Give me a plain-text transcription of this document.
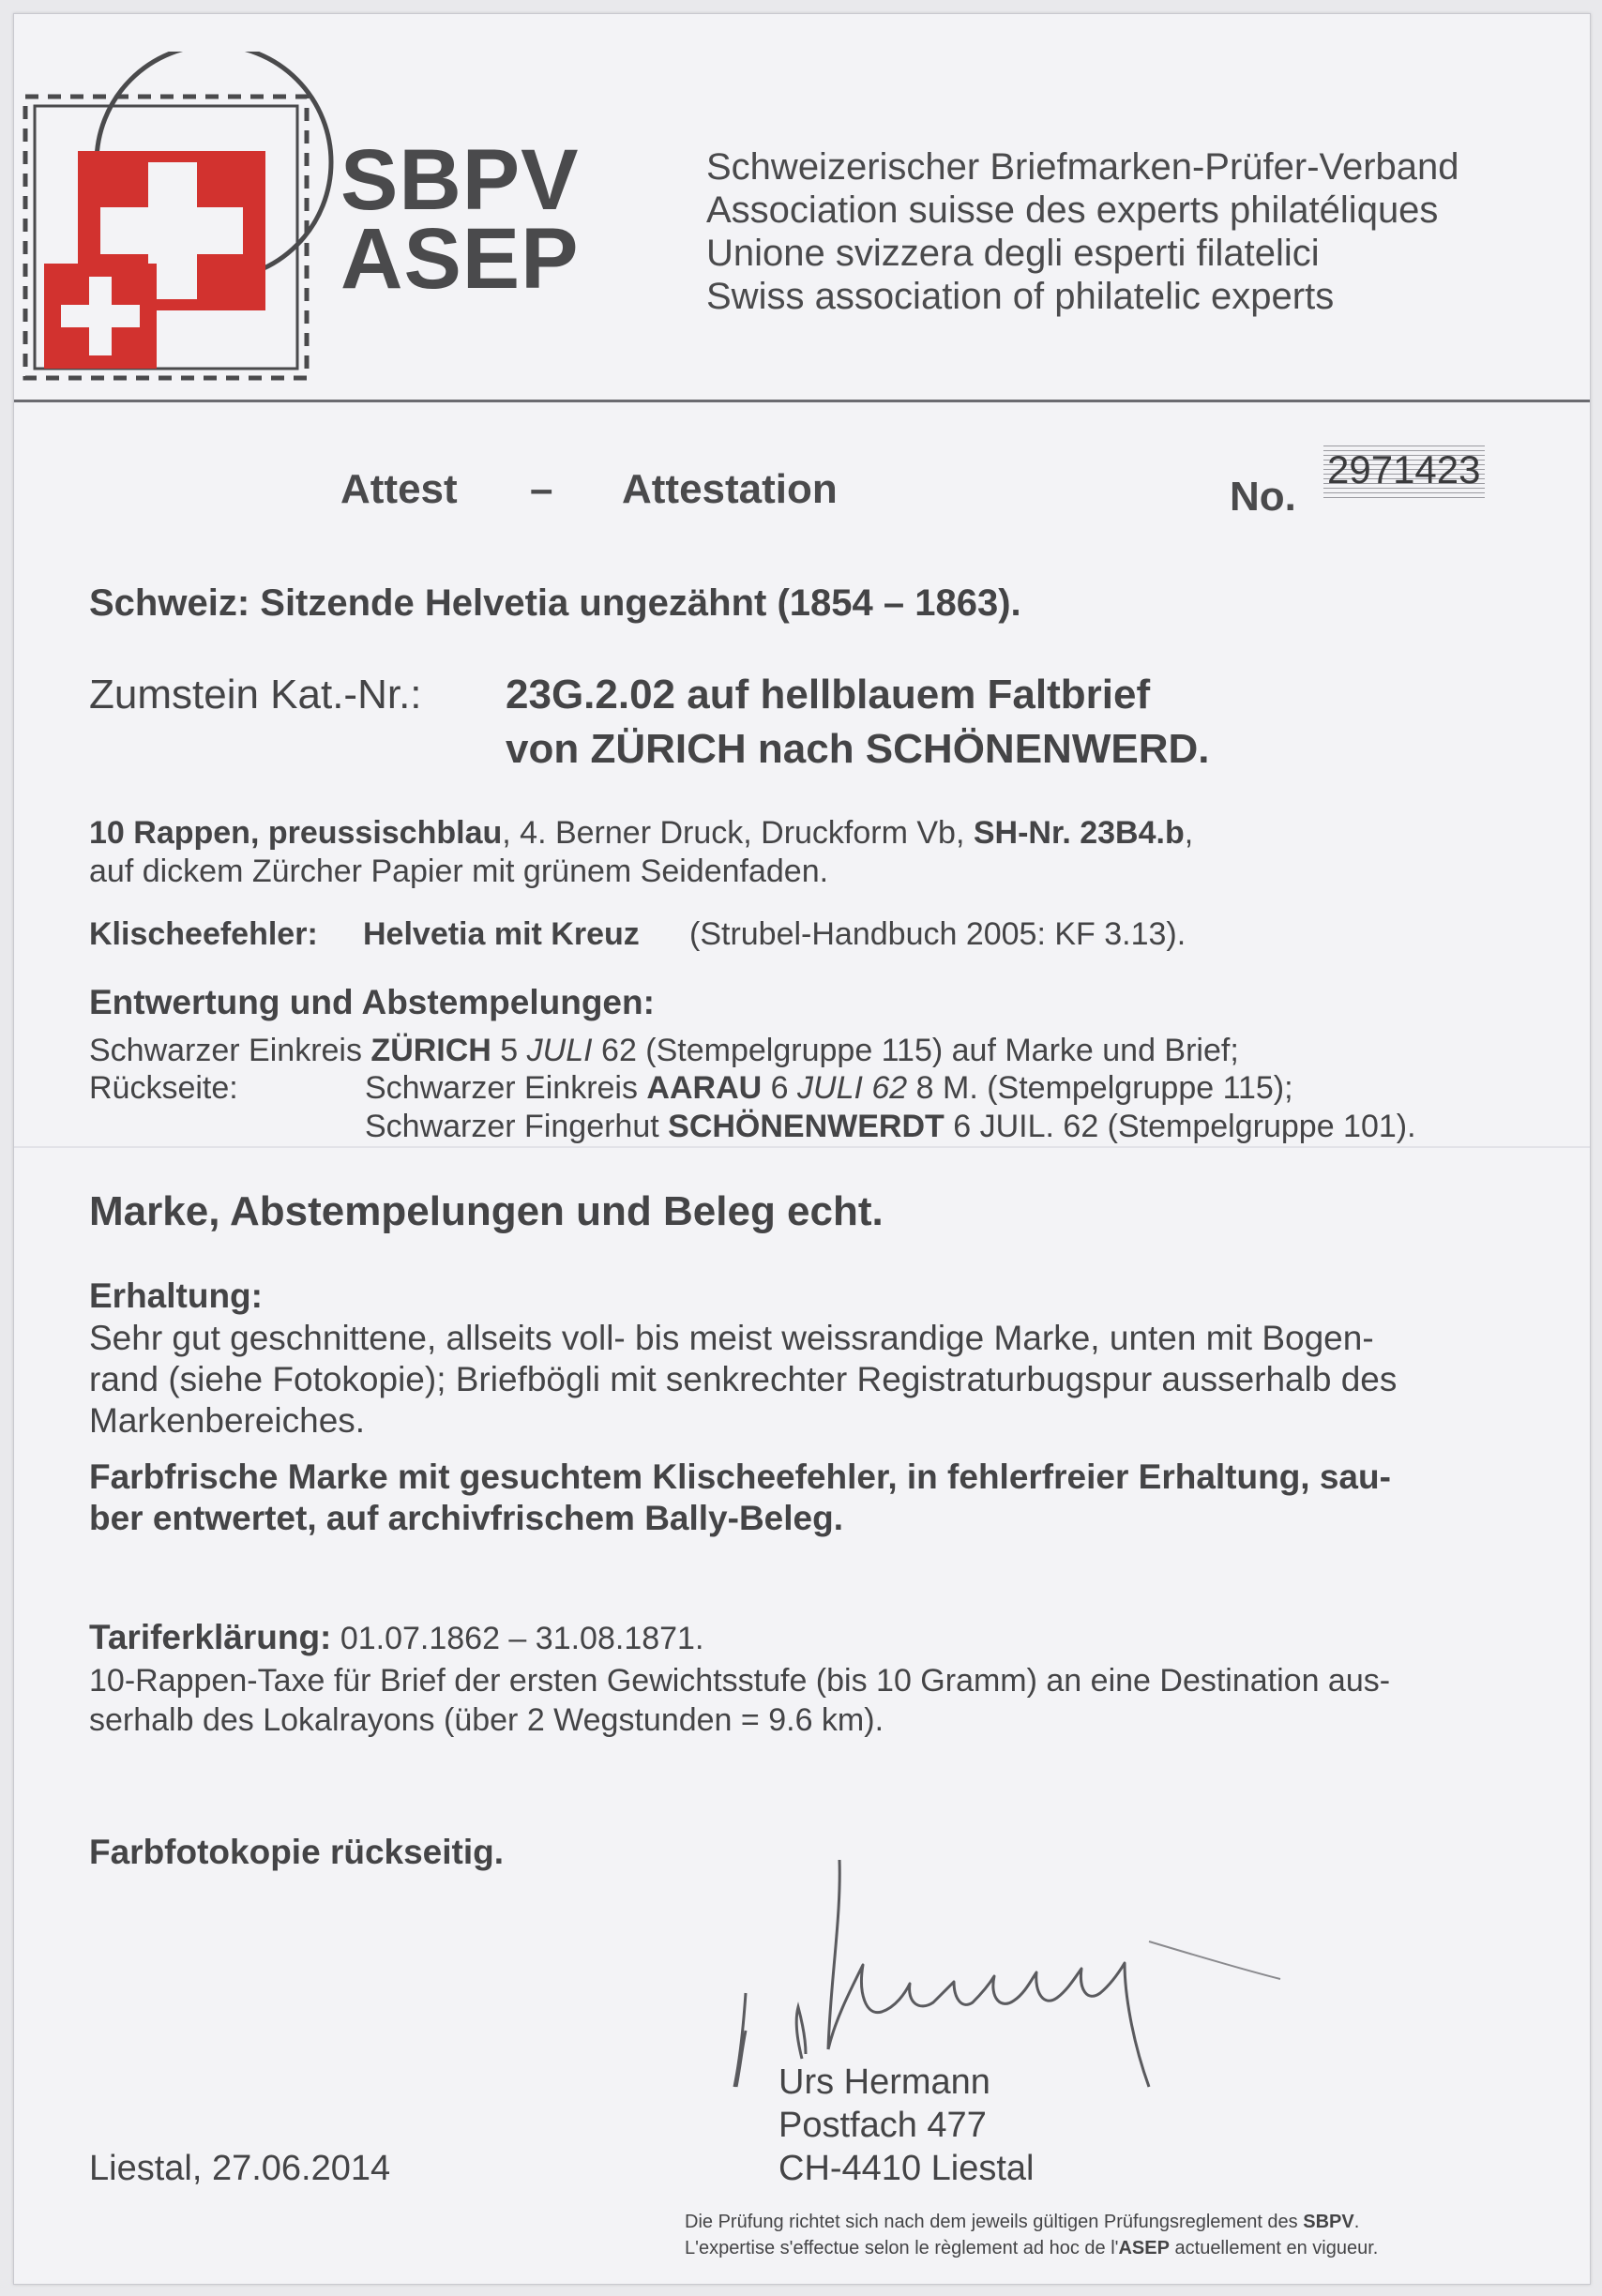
SBPV
ASEP
Schweizerischer Briefmarken-Prüfer-Verband
Association suisse des experts philatéliques
Unione svizzera degli esperti filatelici
Swiss association of philatelic experts
Attest – Attestation	No.
2971423
Schweiz: Sitzende Helvetia ungezähnt (1854 – 1863).
Zumstein Kat.-Nr.: 23G.2.02 auf hellblauem Faltbrief
von ZÜRICH nach SCHÖNENWERD.
10 Rappen, preussischblau, 4. Berner Druck, Druckform Vb, SH-Nr. 23B4.b,
auf dickem Zürcher Papier mit grünem Seidenfaden.
Klischeefehler: Helvetia mit Kreuz (Strubel-Handbuch 2005: KF 3.13).
Entwertung und Abstempelungen:
Schwarzer Einkreis ZÜRICH 5 JULI 62 (Stempelgruppe 115) auf Marke und Brief;
Rückseite:	Schwarzer Einkreis AARAU 6 JULI 62 8 M. (Stempelgruppe 115);
Schwarzer Fingerhut SCHÖNENWERDT 6 JUIL. 62 (Stempelgruppe 101).
Marke, Abstempelungen und Beleg echt.
Erhaltung:
Sehr gut geschnittene, allseits voll- bis meist weissrandige Marke, unten mit Bogen-
rand (siehe Fotokopie); Briefbögli mit senkrechter Registraturbugspur ausserhalb des
Markenbereiches.
Farbfrische Marke mit gesuchtem Klischeefehler, in fehlerfreier Erhaltung, sau-
ber entwertet, auf archivfrischem Bally-Beleg.
Tariferklärung: 01.07.1862 – 31.08.1871.
10-Rappen-Taxe für Brief der ersten Gewichtsstufe (bis 10 Gramm) an eine Destination aus-
serhalb des Lokalrayons (über 2 Wegstunden = 9.6 km).
Farbfotokopie rückseitig.
Urs Hermann
Postfach 477
CH-4410 Liestal
Liestal, 27.06.2014
Die Prüfung richtet sich nach dem jeweils gültigen Prüfungsreglement des SBPV.
L'expertise s'effectue selon le règlement ad hoc de l'ASEP actuellement en vigueur.
